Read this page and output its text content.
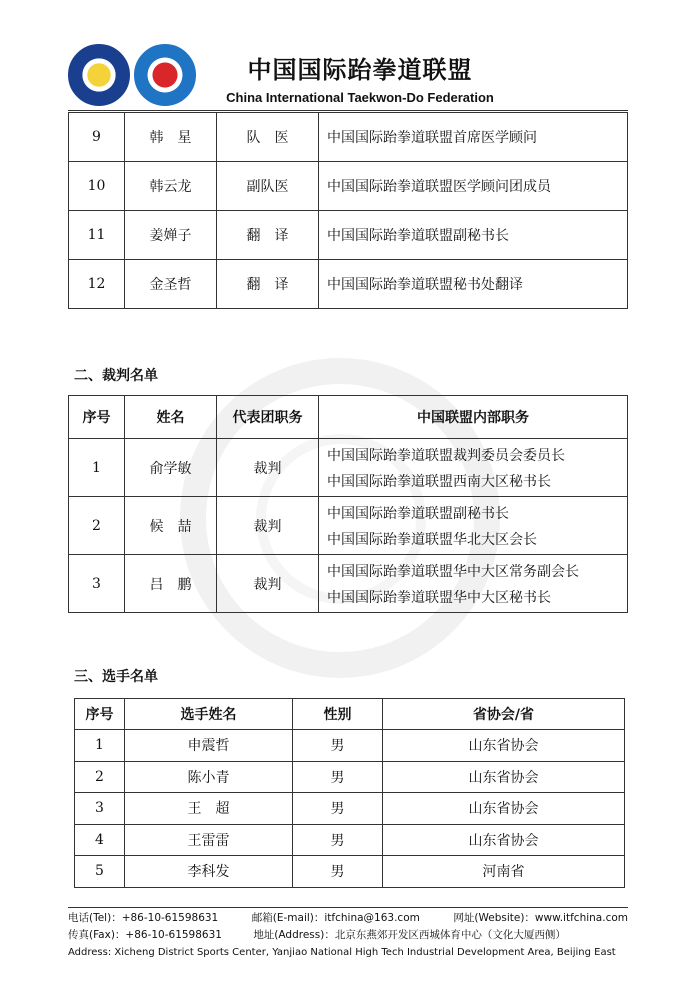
中国国际跆拳道联盟
China International Taekwon-Do Federation
9	韩　星	队　医	中国国际跆拳道联盟首席医学顾问
10	韩云龙	副队医	中国国际跆拳道联盟医学顾问团成员
11	姜婵子	翻　译	中国国际跆拳道联盟副秘书长
12	金圣哲	翻　译	中国国际跆拳道联盟秘书处翻译
二、裁判名单
序号	姓名	代表团职务	中国联盟内部职务
1	俞学敏	裁判	中国国际跆拳道联盟裁判委员会委员长
中国国际跆拳道联盟西南大区秘书长

2	候　喆	裁判	中国国际跆拳道联盟副秘书长
中国国际跆拳道联盟华北大区会长

3	吕　鹏	裁判	中国国际跆拳道联盟华中大区常务副会长
中国国际跆拳道联盟华中大区秘书长
三、选手名单
序号	选手姓名	性别	省协会/省
1	申震哲	男	山东省协会
2	陈小青	男	山东省协会
3	王　超	男	山东省协会
4	王雷雷	男	山东省协会
5	李科发	男	河南省
电话(Tel)：+86-10-61598631	邮箱(E-mail)：itfchina@163.com	网址(Website)：www.itfchina.com
传真(Fax)：+86-10-61598631	地址(Address)：北京东燕郊开发区西城体育中心（文化大厦西侧）
Address: Xicheng District Sports Center, Yanjiao National High Tech Industrial Development Area, Beijing East
